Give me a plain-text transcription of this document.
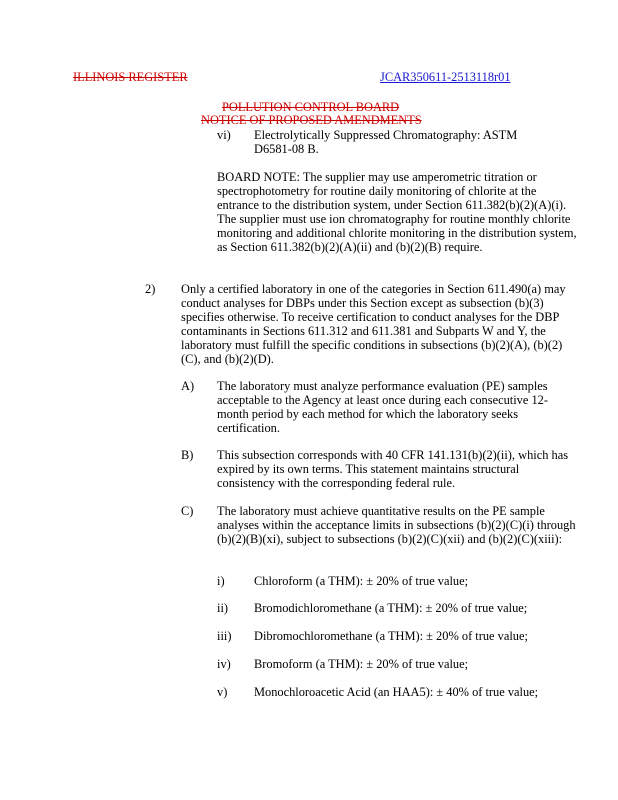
ILLINOIS REGISTER	JCAR350611-2513118r01
POLLUTION CONTROL BOARD
NOTICE OF PROPOSED AMENDMENTS
vi) Electrolytically Suppressed Chromatography: ASTM
D6581-08 B.
BOARD NOTE: The supplier may use amperometric titration or spectrophotometry for routine daily monitoring of chlorite at the entrance to the distribution system, under Section 611.382(b)(2)(A)(i). The supplier must use ion chromatography for routine monthly chlorite monitoring and additional chlorite monitoring in the distribution system, as Section 611.382(b)(2)(A)(ii) and (b)(2)(B) require.
2) Only a certified laboratory in one of the categories in Section 611.490(a) may conduct analyses for DBPs under this Section except as subsection (b)(3) specifies otherwise. To receive certification to conduct analyses for the DBP contaminants in Sections 611.312 and 611.381 and Subparts W and Y, the laboratory must fulfill the specific conditions in subsections (b)(2)(A), (b)(2)(C), and (b)(2)(D).
A) The laboratory must analyze performance evaluation (PE) samples acceptable to the Agency at least once during each consecutive 12-month period by each method for which the laboratory seeks certification.
B) This subsection corresponds with 40 CFR 141.131(b)(2)(ii), which has expired by its own terms. This statement maintains structural consistency with the corresponding federal rule.
C) The laboratory must achieve quantitative results on the PE sample analyses within the acceptance limits in subsections (b)(2)(C)(i) through (b)(2)(B)(xi), subject to subsections (b)(2)(C)(xii) and (b)(2)(C)(xiii):
i) Chloroform (a THM): ± 20% of true value;
ii) Bromodichloromethane (a THM): ± 20% of true value;
iii) Dibromochloromethane (a THM): ± 20% of true value;
iv) Bromoform (a THM): ± 20% of true value;
v) Monochloroacetic Acid (an HAA5): ± 40% of true value;
